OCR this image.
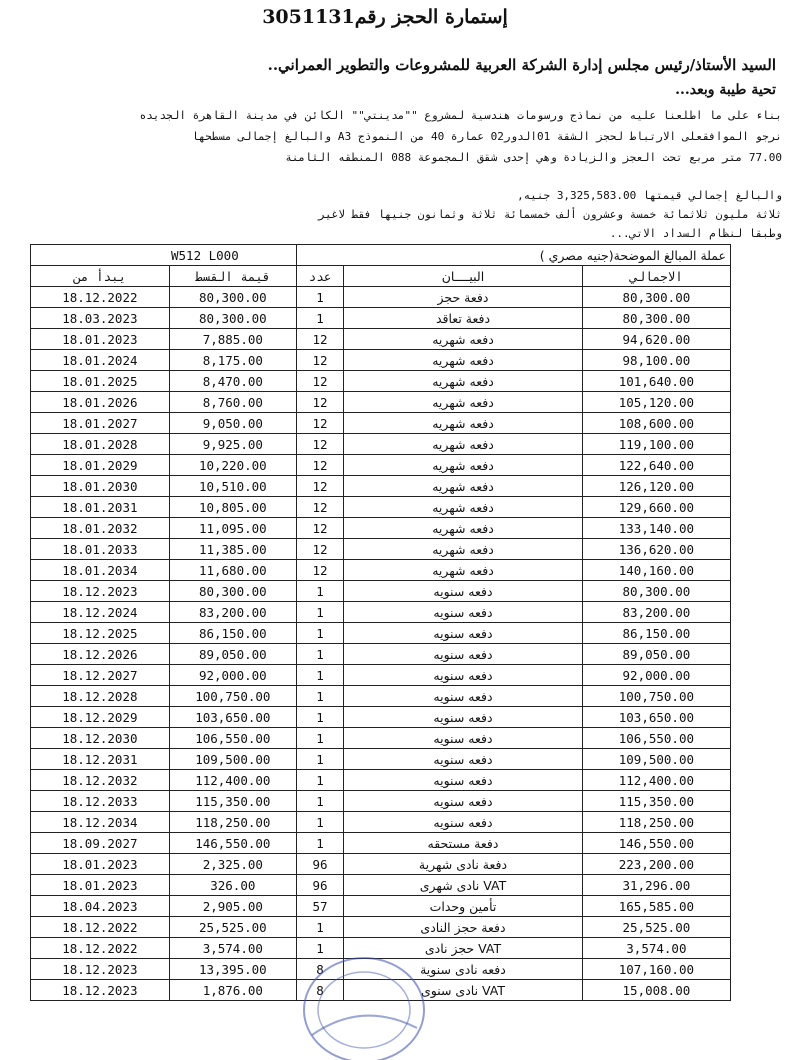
إستمارة الحجز رقم3051131
السيد الأستاذ/رئيس مجلس إدارة الشركة العربية للمشروعات والتطوير العمراني..
تحية طيبة وبعد...
بناء على ما اطلعنا عليه من نماذج ورسومات هندسية لمشروع ""مدينتي"" الكائن في مدينة القاهرة الجديده
نرجو الموافقعلى الارتباط لحجز الشقة 01الدور02 عمارة 40 من النموذج A3 والبالغ إجمالى مسطحها
77.00 متر مربع تحت العجز والزيادة وهي إحدى شقق المجموعة 088 المنطقه الثامنة
والبالغ إجمالي قيمتها 3,325,583.00 جنيه,
ثلاثة مليون ثلاثمائة خمسة وعشرون ألف خمسمائة ثلاثة وثمانون جنيها فقط لاغير
وطبقا لنظام السداد الاتي...
W512 L000		عملة المبالغ الموضحة(جنيه مصري )		
يبدأ من	قيمة القسط	عدد	البيــــان	الاجمالي
18.12.2022	80,300.00	1	دفعة حجز	80,300.00
18.03.2023	80,300.00	1	دفعة تعاقد	80,300.00
18.01.2023	7,885.00	12	دفعه شهريه	94,620.00
18.01.2024	8,175.00	12	دفعه شهريه	98,100.00
18.01.2025	8,470.00	12	دفعه شهريه	101,640.00
18.01.2026	8,760.00	12	دفعه شهريه	105,120.00
18.01.2027	9,050.00	12	دفعه شهريه	108,600.00
18.01.2028	9,925.00	12	دفعه شهريه	119,100.00
18.01.2029	10,220.00	12	دفعه شهريه	122,640.00
18.01.2030	10,510.00	12	دفعه شهريه	126,120.00
18.01.2031	10,805.00	12	دفعه شهريه	129,660.00
18.01.2032	11,095.00	12	دفعه شهريه	133,140.00
18.01.2033	11,385.00	12	دفعه شهريه	136,620.00
18.01.2034	11,680.00	12	دفعه شهريه	140,160.00
18.12.2023	80,300.00	1	دفعه سنويه	80,300.00
18.12.2024	83,200.00	1	دفعه سنويه	83,200.00
18.12.2025	86,150.00	1	دفعه سنويه	86,150.00
18.12.2026	89,050.00	1	دفعه سنويه	89,050.00
18.12.2027	92,000.00	1	دفعه سنويه	92,000.00
18.12.2028	100,750.00	1	دفعه سنويه	100,750.00
18.12.2029	103,650.00	1	دفعه سنويه	103,650.00
18.12.2030	106,550.00	1	دفعه سنويه	106,550.00
18.12.2031	109,500.00	1	دفعه سنويه	109,500.00
18.12.2032	112,400.00	1	دفعه سنويه	112,400.00
18.12.2033	115,350.00	1	دفعه سنويه	115,350.00
18.12.2034	118,250.00	1	دفعه سنويه	118,250.00
18.09.2027	146,550.00	1	دفعة مستحقه	146,550.00
18.01.2023	2,325.00	96	دفعة نادى شهرية	223,200.00
18.01.2023	326.00	96	VAT نادى شهرى	31,296.00
18.04.2023	2,905.00	57	تأمين وحدات	165,585.00
18.12.2022	25,525.00	1	دفعة حجز النادى	25,525.00
18.12.2022	3,574.00	1	VAT حجز نادى	3,574.00
18.12.2023	13,395.00	8	دفعه نادى سنوية	107,160.00
18.12.2023	1,876.00	8	VAT نادى سنوى	15,008.00
